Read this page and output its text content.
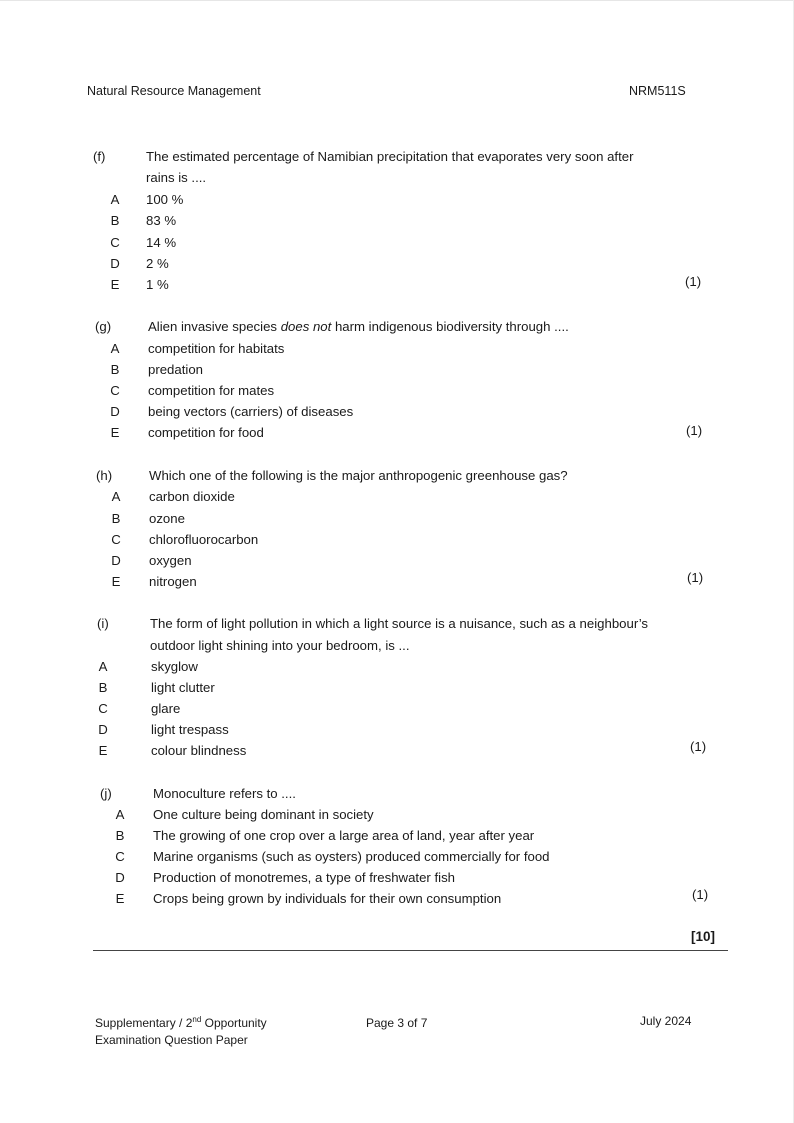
Natural Resource Management	NRM511S
(f)	The estimated percentage of Namibian precipitation that evaporates very soon after
rains is ....
A 100 %
B 83 %
C 14 %
D 2 %
E 1 %	(1)
(g)	Alien invasive species does not harm indigenous biodiversity through ....
A competition for habitats
B predation
C competition for mates
D being vectors (carriers) of diseases
E competition for food	(1)
(h)	Which one of the following is the major anthropogenic greenhouse gas?
A carbon dioxide
B ozone
C chlorofluorocarbon
D oxygen
E nitrogen	(1)
(i)	The form of light pollution in which a light source is a nuisance, such as a neighbour’s
outdoor light shining into your bedroom, is ...
A	skyglow
B	light clutter
C	glare
D	light trespass
E	colour blindness	(1)
(j)	Monoculture refers to ....
A One culture being dominant in society
B The growing of one crop over a large area of land, year after year
C Marine organisms (such as oysters) produced commercially for food
D Production of monotremes, a type of freshwater fish
E Crops being grown by individuals for their own consumption	(1)
[10]
Supplementary / 2nd Opportunity
Examination Question Paper
Page 3 of 7	July 2024
